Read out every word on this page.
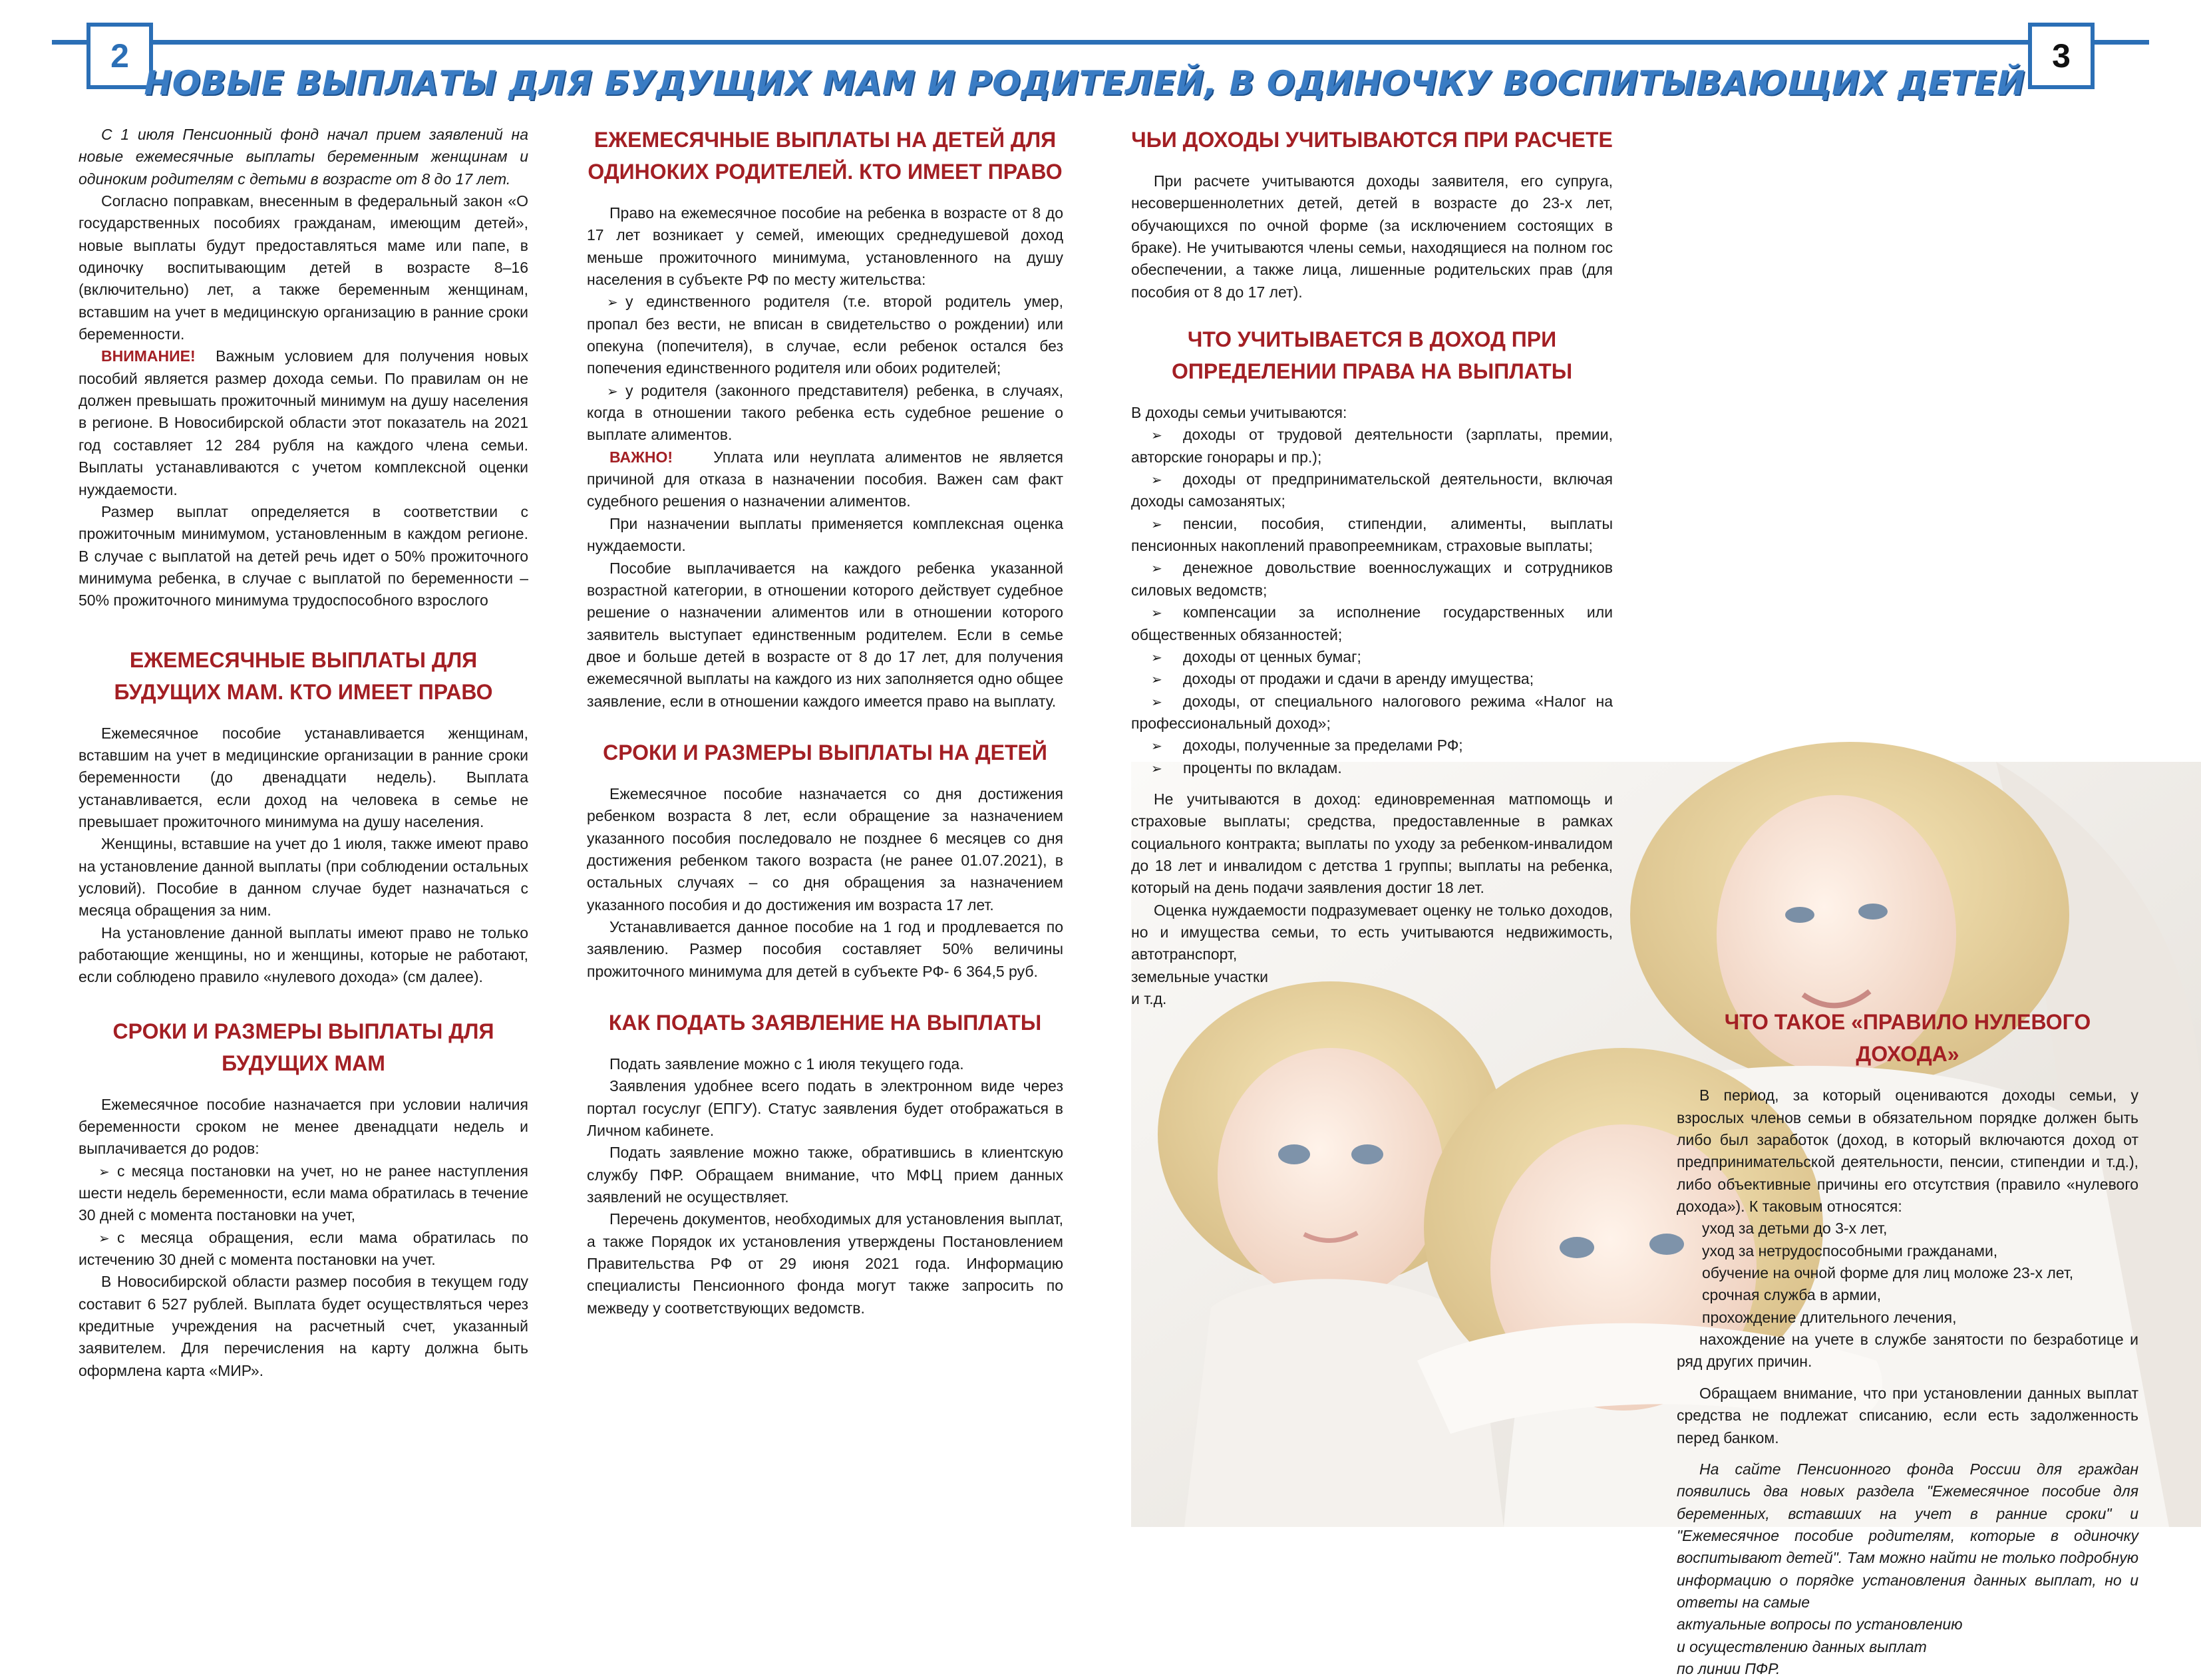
2	3
НОВЫЕ ВЫПЛАТЫ ДЛЯ БУДУЩИХ МАМ И РОДИТЕЛЕЙ, В ОДИНОЧКУ ВОСПИТЫВАЮЩИХ ДЕТЕЙ

С 1 июля Пенсионный фонд начал прием заявлений на новые ежемесячные выплаты беременным женщинам и одиноким родителям с детьми в возрасте от 8 до 17 лет.

Согласно поправкам, внесенным в федеральный закон «О государственных пособиях гражданам, имеющим детей», новые выплаты будут предоставляться маме или папе, в одиночку воспитывающим детей в возрасте 8–16 (включительно) лет, а также беременным женщинам, вставшим на учет в медицинскую организацию в ранние сроки беременности.

ВНИМАНИЕ! Важным условием для получения новых пособий является размер дохода семьи. По правилам он не должен превышать прожиточный минимум на душу населения в регионе. В Новосибирской области этот показатель на 2021 год составляет 12 284 рубля на каждого члена семьи. Выплаты устанавливаются с учетом комплексной оценки нуждаемости.

Размер выплат определяется в соответствии с прожиточным минимумом, установленным в каждом регионе. В случае с выплатой на детей речь идет о 50% прожиточного минимума ребенка, в случае с выплатой по беременности – 50% прожиточного минимума трудоспособного взрослого

ЕЖЕМЕСЯЧНЫЕ ВЫПЛАТЫ ДЛЯ БУДУЩИХ МАМ. КТО ИМЕЕТ ПРАВО

Ежемесячное пособие устанавливается женщинам, вставшим на учет в медицинские организации в ранние сроки беременности (до двенадцати недель). Выплата устанавливается, если доход на человека в семье не превышает прожиточного минимума на душу населения.

Женщины, вставшие на учет до 1 июля, также имеют право на установление данной выплаты (при соблюдении остальных условий). Пособие в данном случае будет назначаться с месяца обращения за ним.

На установление данной выплаты имеют право не только работающие женщины, но и женщины, которые не работают, если соблюдено правило «нулевого дохода» (см далее).

СРОКИ И РАЗМЕРЫ ВЫПЛАТЫ ДЛЯ БУДУЩИХ МАМ

Ежемесячное пособие назначается при условии наличия беременности сроком не менее двенадцати недель и выплачивается до родов:

➢ с месяца постановки на учет, но не ранее наступления шести недель беременности, если мама обратилась в течение 30 дней с момента постановки на учет,

➢ с месяца обращения, если мама обратилась по истечению 30 дней с момента постановки на учет.

В Новосибирской области размер пособия в текущем году составит 6 527 рублей. Выплата будет осуществляться через кредитные учреждения на расчетный счет, указанный заявителем. Для перечисления на карту должна быть оформлена карта «МИР».

ЕЖЕМЕСЯЧНЫЕ ВЫПЛАТЫ НА ДЕТЕЙ ДЛЯ ОДИНОКИХ РОДИТЕЛЕЙ. КТО ИМЕЕТ ПРАВО

Право на ежемесячное пособие на ребенка в возрасте от 8 до 17 лет возникает у семей, имеющих среднедушевой доход меньше прожиточного минимума, установленного на душу населения в субъекте РФ по месту жительства:

➢ у единственного родителя (т.е. второй родитель умер, пропал без вести, не вписан в свидетельство о рождении) или опекуна (попечителя), в случае, если ребенок остался без попечения единственного родителя или обоих родителей;

➢ у родителя (законного представителя) ребенка, в случаях, когда в отношении такого ребенка есть судебное решение о выплате алиментов.

ВАЖНО!	Уплата или неуплата алиментов не является причиной для отказа в назначении пособия. Важен сам факт судебного решения о назначении алиментов.

При назначении выплаты применяется комплексная оценка нуждаемости.

Пособие выплачивается на каждого ребенка указанной возрастной категории, в отношении которого действует судебное решение о назначении алиментов или в отношении которого заявитель выступает единственным родителем. Если в семье двое и больше детей в возрасте от 8 до 17 лет, для получения ежемесячной выплаты на каждого из них заполняется одно общее заявление, если в отношении каждого имеется право на выплату.

СРОКИ И РАЗМЕРЫ ВЫПЛАТЫ НА ДЕТЕЙ

Ежемесячное пособие назначается со дня достижения ребенком возраста 8 лет, если обращение за назначением указанного пособия последовало не позднее 6 месяцев со дня достижения ребенком такого возраста (не ранее 01.07.2021), в остальных случаях – со дня обращения за назначением указанного пособия и до достижения им возраста 17 лет.

Устанавливается данное пособие на 1 год и продлевается по заявлению. Размер пособия составляет 50% величины прожиточного минимума для детей в субъекте РФ- 6 364,5 руб.

КАК ПОДАТЬ ЗАЯВЛЕНИЕ НА ВЫПЛАТЫ

Подать заявление можно с 1 июля текущего года.

Заявления удобнее всего подать в электронном виде через портал госуслуг (ЕПГУ). Статус заявления будет отображаться в Личном кабинете.

Подать заявление можно также, обратившись в клиентскую службу ПФР. Обращаем внимание, что МФЦ прием данных заявлений не осуществляет.

Перечень документов, необходимых для установления выплат, а также Порядок их установления утверждены Постановлением Правительства РФ от 29 июня 2021 года. Информацию специалисты Пенсионного фонда могут также запросить по межведу у соответствующих ведомств.

ЧЬИ ДОХОДЫ УЧИТЫВАЮТСЯ ПРИ РАСЧЕТЕ

При расчете учитываются доходы заявителя, его супруга, несовершеннолетних детей, детей в возрасте до 23-х лет, обучающихся по очной форме (за исключением состоящих в браке). Не учитываются члены семьи, находящиеся на полном гос обеспечении, а также лица, лишенные родительских прав (для пособия от 8 до 17 лет).

ЧТО УЧИТЫВАЕТСЯ В ДОХОД ПРИ ОПРЕДЕЛЕНИИ ПРАВА НА ВЫПЛАТЫ

В доходы семьи учитываются:

➢ доходы от трудовой деятельности (зарплаты, премии, авторские гонорары и пр.);

➢ доходы от предпринимательской деятельности, включая доходы самозанятых;

➢ пенсии, пособия, стипендии, алименты, выплаты пенсионных накоплений правопреемникам, страховые выплаты;

➢ денежное довольствие военнослужащих и сотрудников силовых ведомств;

➢ компенсации за исполнение государственных или общественных обязанностей;

➢ доходы от ценных бумаг;

➢ доходы от продажи и сдачи в аренду имущества;

➢ доходы, от специального налогового режима «Налог на профессиональный доход»;

➢ доходы, полученные за пределами РФ;

➢ проценты по вкладам.

Не учитываются в доход: единовременная матпомощь и страховые выплаты; средства, предоставленные в рамках социального контракта; выплаты по уходу за ребенком-инвалидом до 18 лет и инвалидом с детства 1 группы; выплаты на ребенка, который на день подачи заявления достиг 18 лет.

Оценка нуждаемости подразумевает оценку не только доходов, но и имущества семьи, то есть учитываются недвижимость, автотранспорт,

земельные участки

и т.д.

ЧТО ТАКОЕ «ПРАВИЛО НУЛЕВОГО ДОХОДА»

В период, за который оцениваются доходы семьи, у взрослых членов семьи в обязательном порядке должен быть либо был заработок (доход, в который включаются доход от предпринимательской деятельности, пенсии, стипендии и т.д.), либо объективные причины его отсутствия (правило «нулевого дохода»). К таковым относятся:

уход за детьми до 3-х лет,

уход за нетрудоспособными гражданами,

обучение на очной форме для лиц моложе 23-х лет,

срочная служба в армии,

прохождение длительного лечения,

нахождение на учете в службе занятости по безработице и ряд других причин.

Обращаем внимание, что при установлении данных выплат средства не подлежат списанию, если есть задолженность перед банком.

На сайте Пенсионного фонда России для граждан появились два новых раздела "Ежемесячное пособие для беременных, вставших на учет в ранние сроки" и "Ежемесячное пособие родителям, которые в одиночку воспитывают детей". Там можно найти не только подробную информацию о порядке установления данных выплат, но и ответы на самые

актуальные вопросы по установлению

и осуществлению данных выплат

по линии ПФР.
